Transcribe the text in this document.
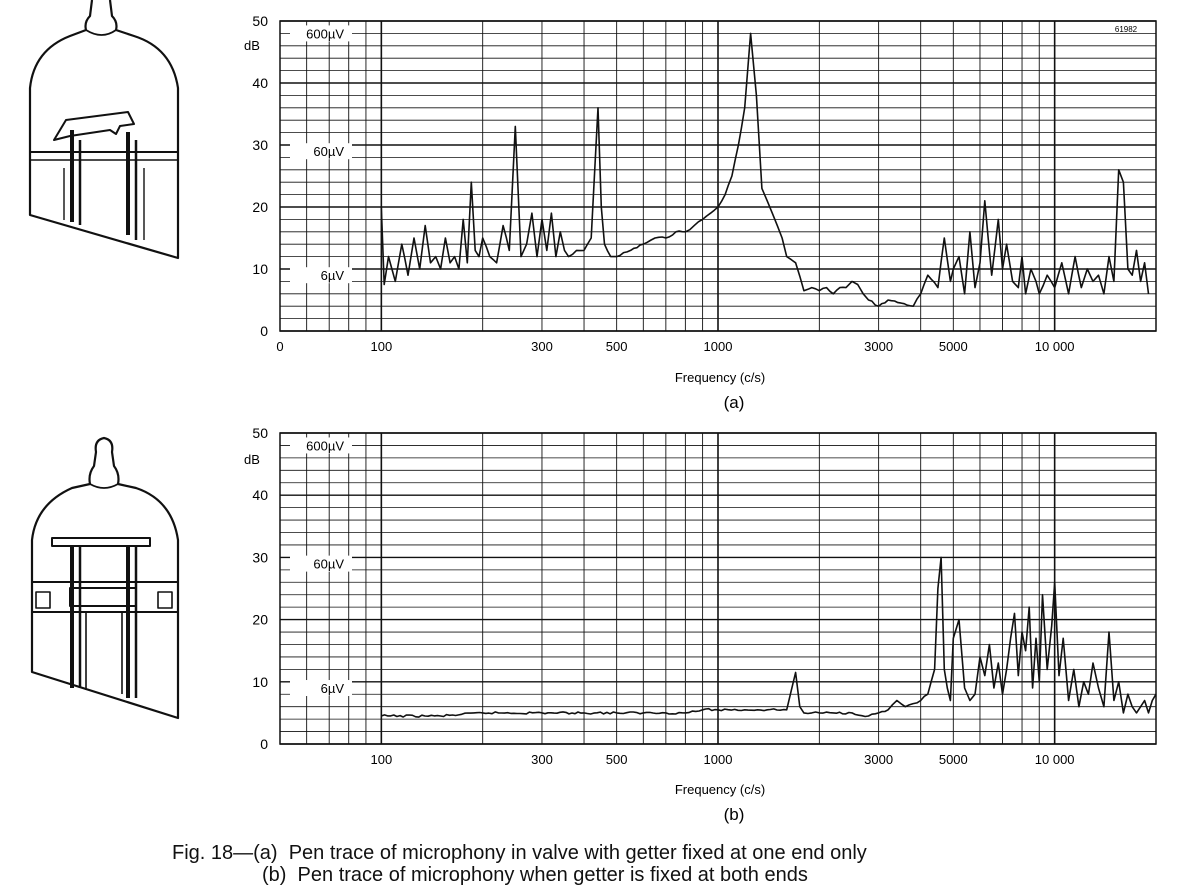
0
10
20
30
40
50
600µV
60µV
6µV
0	100	300	500	1000	3000	5000	10 000
dB
Frequency (c/s)
(a)
61982
0
10
20
30
40
50
600µV
60µV
6µV
100	300	500	1000	3000	5000	10 000
dB
Frequency (c/s)
(b)
Fig. 18—(a)  Pen trace of microphony in valve with getter fixed at one end only
(b)  Pen trace of microphony when getter is fixed at both ends
